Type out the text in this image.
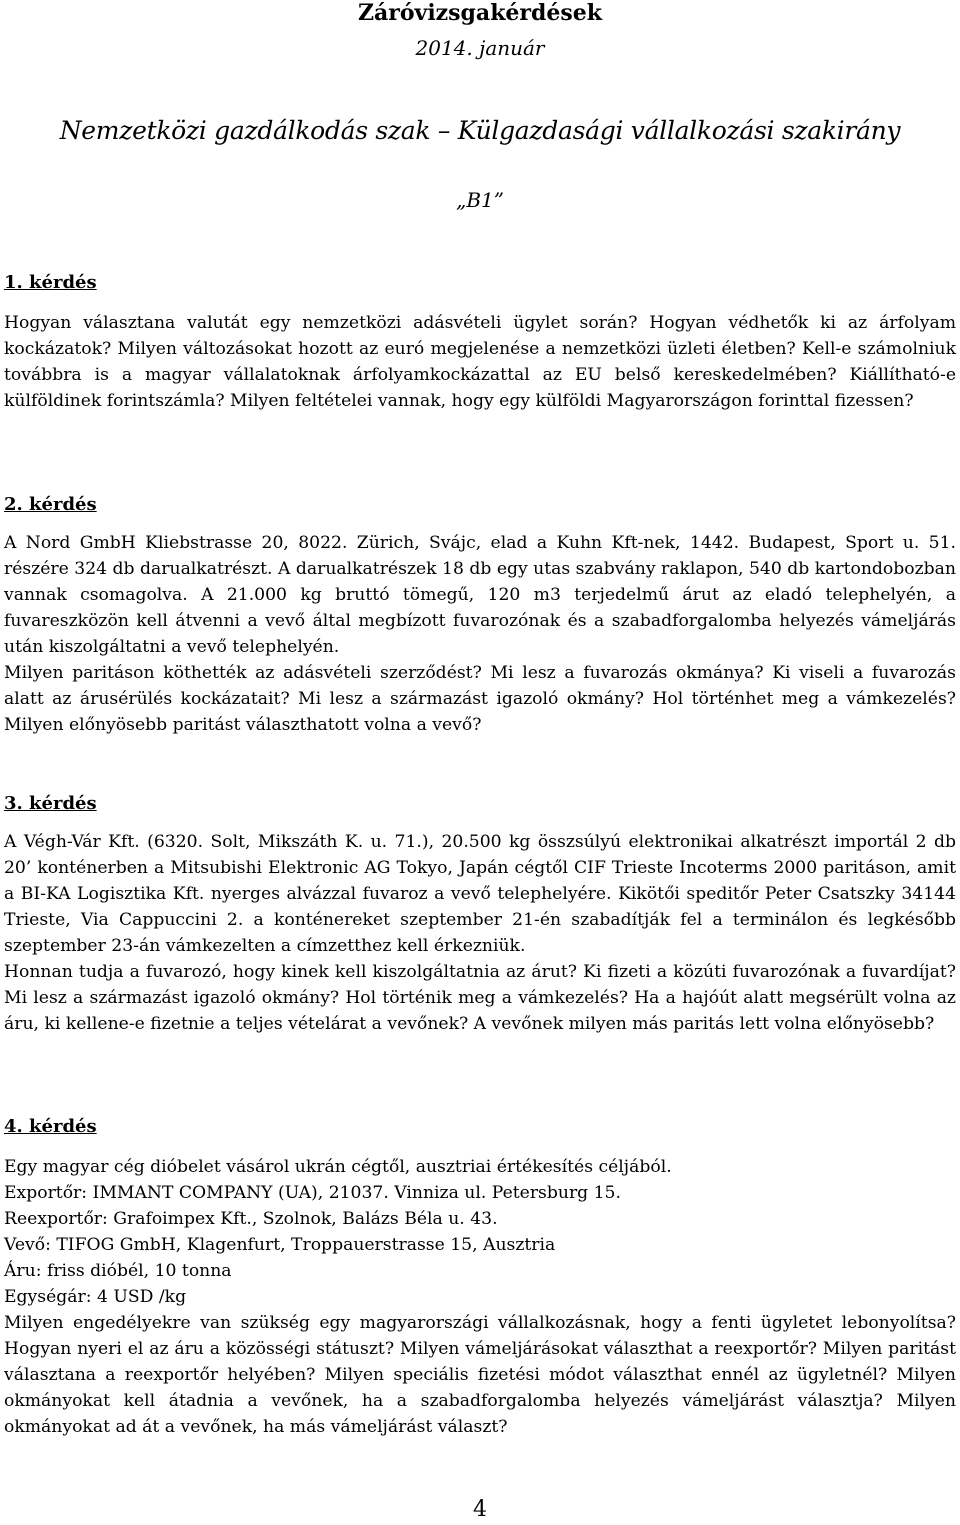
Záróvizsgakérdések
2014. január
Nemzetközi gazdálkodás szak – Külgazdasági vállalkozási szakirány
„B1”
1. kérdés

Hogyan választana valutát egy nemzetközi adásvételi ügylet során? Hogyan védhetők ki az árfolyam kockázatok? Milyen változásokat hozott az euró megjelenése a nemzetközi üzleti életben? Kell-e számolniuk továbbra is a magyar vállalatoknak árfolyamkockázattal az EU belső kereskedelmében? Kiállítható-e külföldinek forintszámla? Milyen feltételei vannak, hogy egy külföldi Magyarországon forinttal fizessen?

2. kérdés

A Nord GmbH Kliebstrasse 20, 8022. Zürich, Svájc, elad a Kuhn Kft-nek, 1442. Budapest, Sport u. 51. részére 324 db darualkatrészt. A darualkatrészek 18 db egy utas szabvány raklapon, 540 db kartondobozban vannak csomagolva. A 21.000 kg bruttó tömegű, 120 m3 terjedelmű árut az eladó telephelyén, a fuvareszközön kell átvenni a vevő által megbízott fuvarozónak és a szabadforgalomba helyezés vámeljárás után kiszolgáltatni a vevő telephelyén.

Milyen paritáson köthették az adásvételi szerződést? Mi lesz a fuvarozás okmánya? Ki viseli a fuvarozás alatt az árusérülés kockázatait? Mi lesz a származást igazoló okmány? Hol történhet meg a vámkezelés? Milyen előnyösebb paritást választhatott volna a vevő?

3. kérdés

A Végh-Vár Kft. (6320. Solt, Mikszáth K. u. 71.), 20.500 kg összsúlyú elektronikai alkatrészt importál 2 db 20’ konténerben a Mitsubishi Elektronic AG Tokyo, Japán cégtől CIF Trieste Incoterms 2000 paritáson, amit a BI-KA Logisztika Kft. nyerges alvázzal fuvaroz a vevő telephelyére. Kikötői speditőr Peter Csatszky 34144 Trieste, Via Cappuccini 2. a konténereket szeptember 21-én szabadítják fel a terminálon és legkésőbb szeptember 23-án vámkezelten a címzetthez kell érkezniük.

Honnan tudja a fuvarozó, hogy kinek kell kiszolgáltatnia az árut? Ki fizeti a közúti fuvarozónak a fuvardíjat? Mi lesz a származást igazoló okmány? Hol történik meg a vámkezelés? Ha a hajóút alatt megsérült volna az áru, ki kellene-e fizetnie a teljes vételárat a vevőnek? A vevőnek milyen más paritás lett volna előnyösebb?

4. kérdés

Egy magyar cég dióbelet vásárol ukrán cégtől, ausztriai értékesítés céljából.

Exportőr: IMMANT COMPANY (UA), 21037. Vinniza ul. Petersburg 15.

Reexportőr: Grafoimpex Kft., Szolnok, Balázs Béla u. 43.

Vevő: TIFOG GmbH, Klagenfurt, Troppauerstrasse 15, Ausztria

Áru: friss dióbél, 10 tonna

Egységár: 4 USD /kg

Milyen engedélyekre van szükség egy magyarországi vállalkozásnak, hogy a fenti ügyletet lebonyolítsa? Hogyan nyeri el az áru a közösségi státuszt? Milyen vámeljárásokat választhat a reexportőr? Milyen paritást választana a reexportőr helyében? Milyen speciális fizetési módot választhat ennél az ügyletnél? Milyen okmányokat kell átadnia a vevőnek, ha a szabadforgalomba helyezés vámeljárást választja? Milyen okmányokat ad át a vevőnek, ha más vámeljárást választ?

4
